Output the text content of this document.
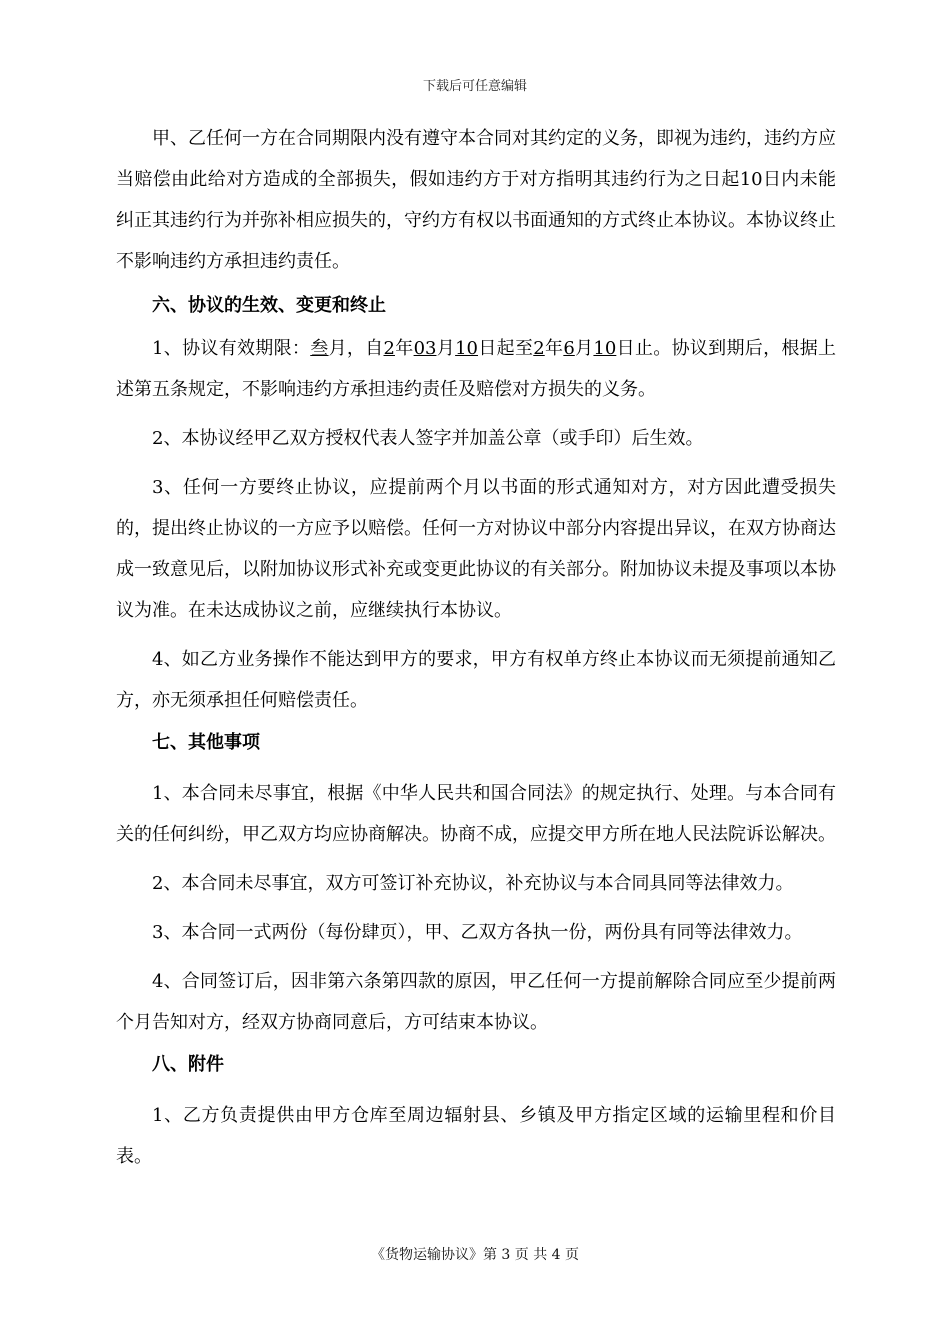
下载后可任意编辑

甲、乙任何一方在合同期限内没有遵守本合同对其约定的义务，即视为违约，违约方应当赔偿由此给对方造成的全部损失，假如违约方于对方指明其违约行为之日起10日内未能纠正其违约行为并弥补相应损失的，守约方有权以书面通知的方式终止本协议。本协议终止不影响违约方承担违约责任。

六、协议的生效、变更和终止

1、协议有效期限：叁月，自2年03月10日起至2年6月10日止。协议到期后，根据上述第五条规定，不影响违约方承担违约责任及赔偿对方损失的义务。

2、本协议经甲乙双方授权代表人签字并加盖公章（或手印）后生效。

3、任何一方要终止协议，应提前两个月以书面的形式通知对方，对方因此遭受损失的，提出终止协议的一方应予以赔偿。任何一方对协议中部分内容提出异议，在双方协商达成一致意见后，以附加协议形式补充或变更此协议的有关部分。附加协议未提及事项以本协议为准。在未达成协议之前，应继续执行本协议。

4、如乙方业务操作不能达到甲方的要求，甲方有权单方终止本协议而无须提前通知乙方，亦无须承担任何赔偿责任。

七、其他事项

1、本合同未尽事宜，根据《中华人民共和国合同法》的规定执行、处理。与本合同有关的任何纠纷，甲乙双方均应协商解决。协商不成，应提交甲方所在地人民法院诉讼解决。

2、本合同未尽事宜，双方可签订补充协议，补充协议与本合同具同等法律效力。

3、本合同一式两份（每份肆页），甲、乙双方各执一份，两份具有同等法律效力。

4、合同签订后，因非第六条第四款的原因，甲乙任何一方提前解除合同应至少提前两个月告知对方，经双方协商同意后，方可结束本协议。

八、附件

1、乙方负责提供由甲方仓库至周边辐射县、乡镇及甲方指定区域的运输里程和价目表。

《货物运输协议》第 3 页 共 4 页
